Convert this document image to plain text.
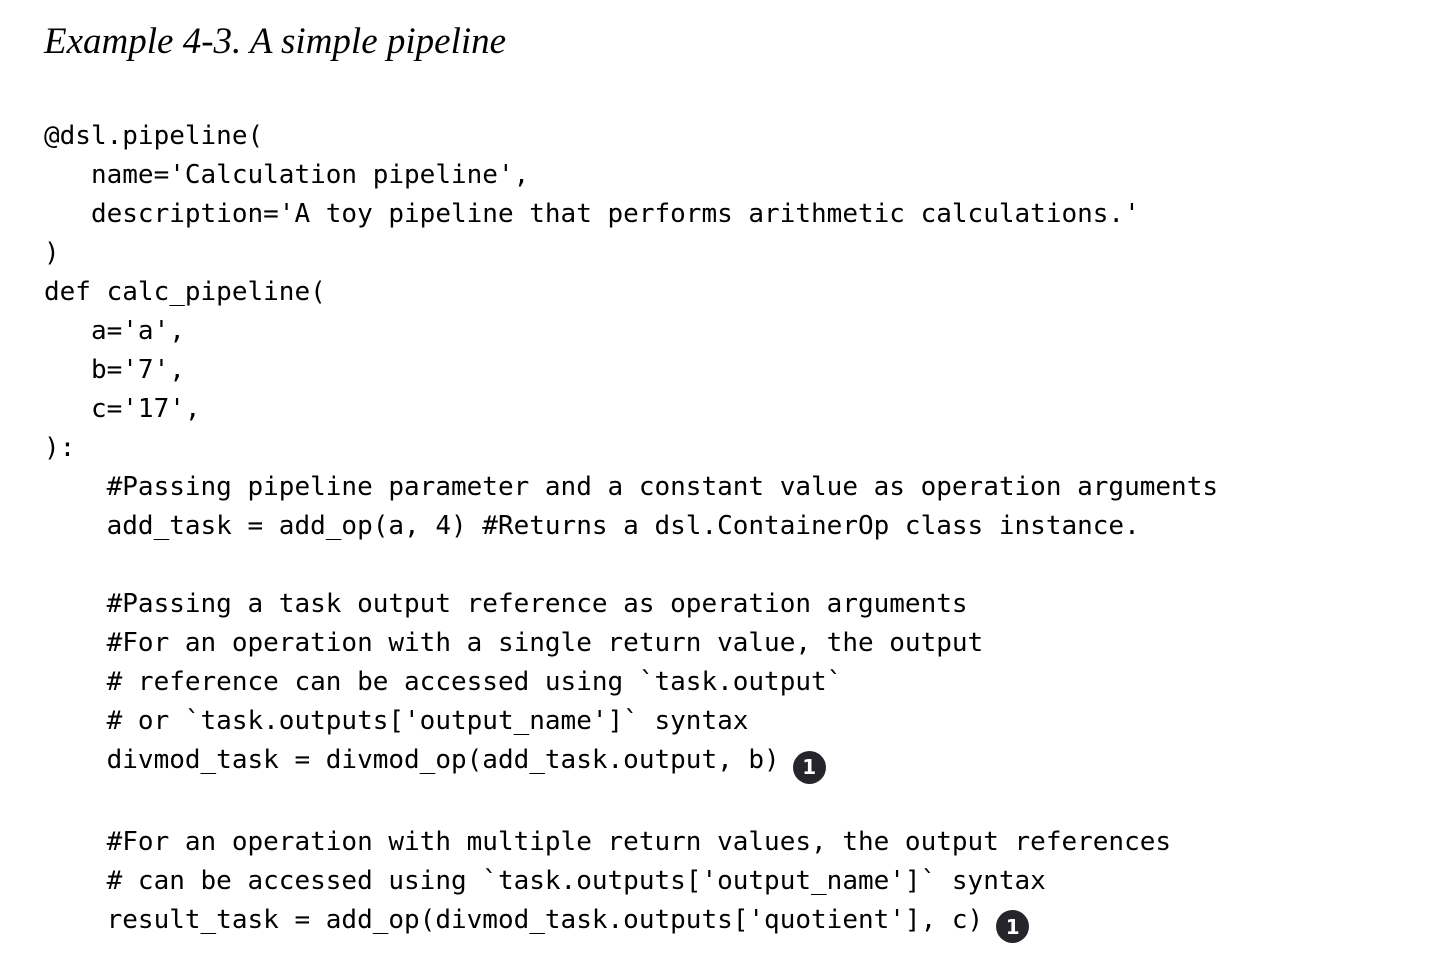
Example 4-3. A simple pipeline
@dsl.pipeline(
name='Calculation pipeline',
description='A toy pipeline that performs arithmetic calculations.'
)
def calc_pipeline(
a='a',
b='7',
c='17',
):
#Passing pipeline parameter and a constant value as operation arguments
add_task = add_op(a, 4) #Returns a dsl.ContainerOp class instance.
#Passing a task output reference as operation arguments
#For an operation with a single return value, the output
# reference can be accessed using `task.output`
# or `task.outputs['output_name']` syntax
divmod_task = divmod_op(add_task.output, b) 1
#For an operation with multiple return values, the output references
# can be accessed using `task.outputs['output_name']` syntax
result_task = add_op(divmod_task.outputs['quotient'], c) 1
